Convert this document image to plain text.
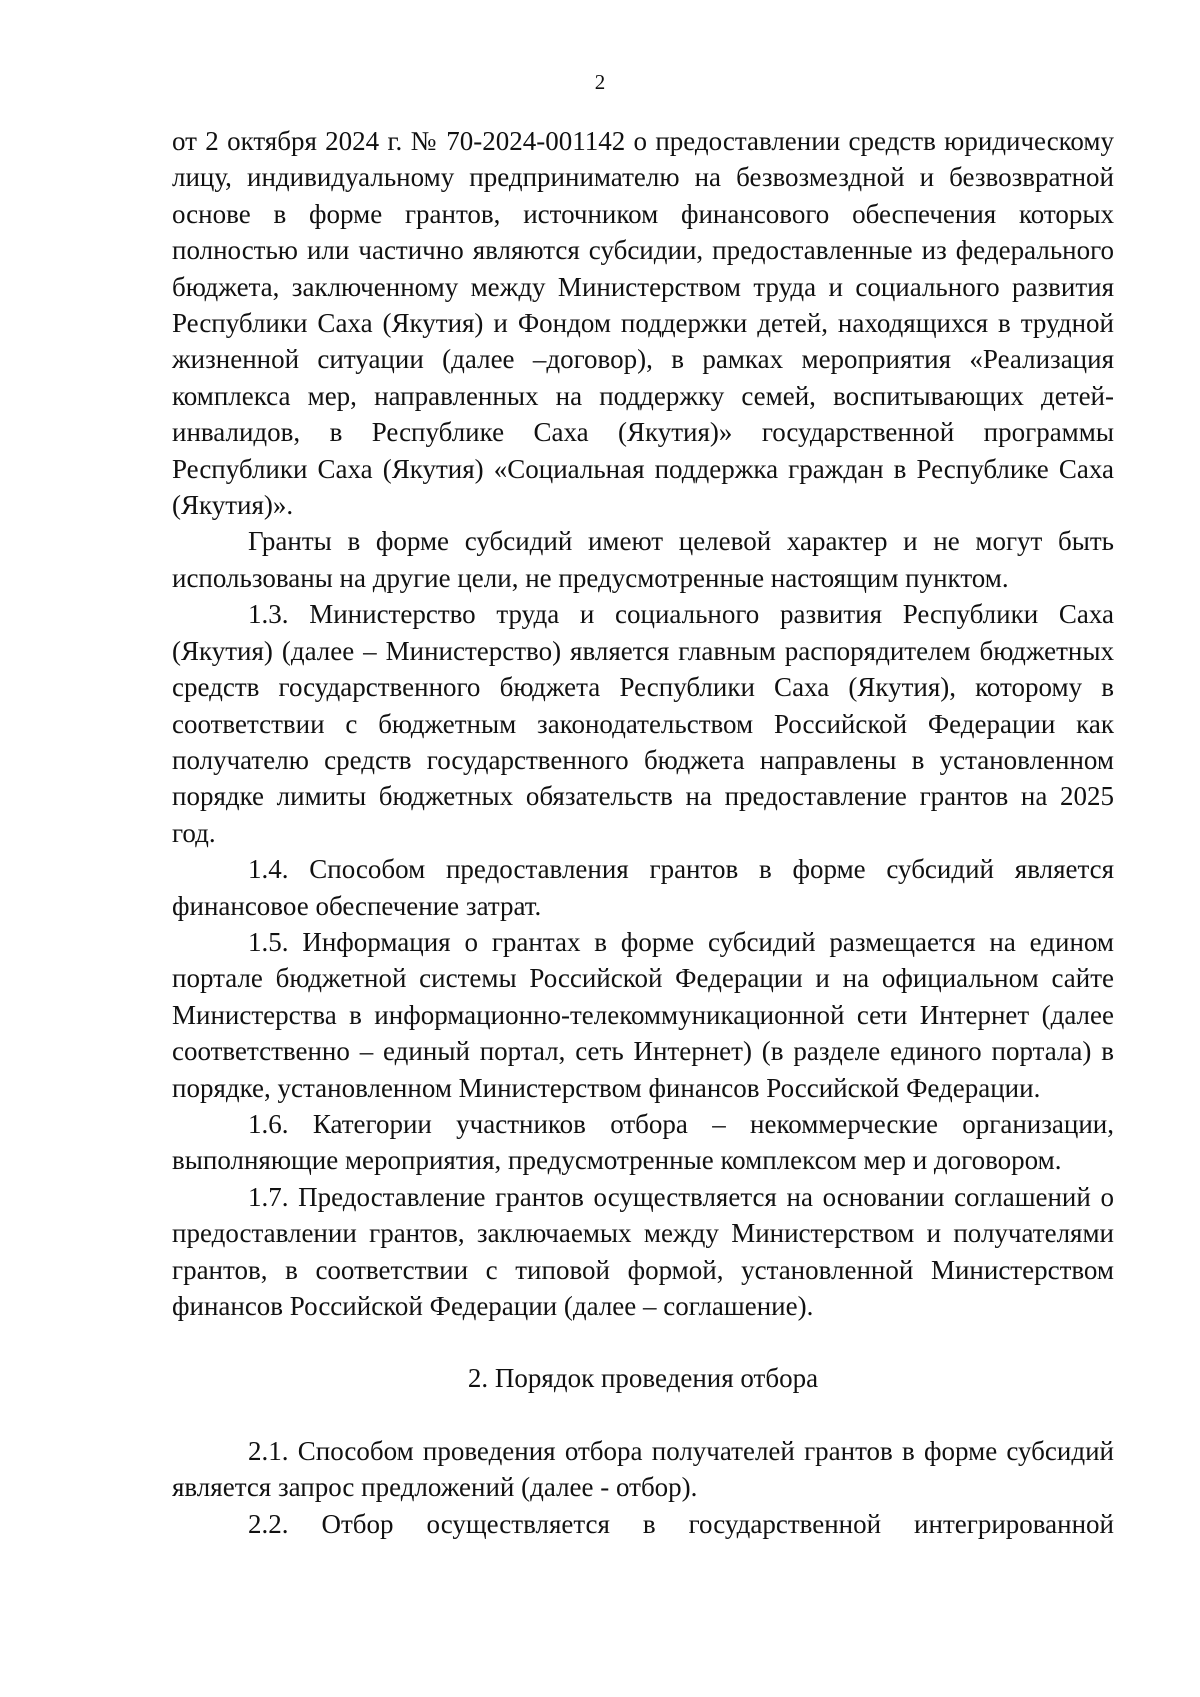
2

от 2 октября 2024 г. № 70-2024-001142 о предоставлении средств юридическому лицу, индивидуальному предпринимателю на безвозмездной и безвозвратной основе в форме грантов, источником финансового обеспечения которых полностью или частично являются субсидии, предоставленные из федерального бюджета, заключенному между Министерством труда и социального развития Республики Саха (Якутия) и Фондом поддержки детей, находящихся в трудной жизненной ситуации (далее –договор), в рамках мероприятия «Реализация комплекса мер, направленных на поддержку семей, воспитывающих детей-инвалидов, в Республике Саха (Якутия)» государственной программы Республики Саха (Якутия) «Социальная поддержка граждан в Республике Саха (Якутия)».

Гранты в форме субсидий имеют целевой характер и не могут быть использованы на другие цели, не предусмотренные настоящим пунктом.

1.3. Министерство труда и социального развития Республики Саха (Якутия) (далее – Министерство) является главным распорядителем бюджетных средств государственного бюджета Республики Саха (Якутия), которому в соответствии с бюджетным законодательством Российской Федерации как получателю средств государственного бюджета направлены в установленном порядке лимиты бюджетных обязательств на предоставление грантов на 2025 год.

1.4. Способом предоставления грантов в форме субсидий является финансовое обеспечение затрат.

1.5. Информация о грантах в форме субсидий размещается на едином портале бюджетной системы Российской Федерации и на официальном сайте Министерства в информационно-телекоммуникационной сети Интернет (далее соответственно – единый портал, сеть Интернет) (в разделе единого портала) в порядке, установленном Министерством финансов Российской Федерации.

1.6. Категории участников отбора – некоммерческие организации, выполняющие мероприятия, предусмотренные комплексом мер и договором.

1.7. Предоставление грантов осуществляется на основании соглашений о предоставлении грантов, заключаемых между Министерством и получателями грантов, в соответствии с типовой формой, установленной Министерством финансов Российской Федерации (далее – соглашение).

2. Порядок проведения отбора

2.1. Способом проведения отбора получателей грантов в форме субсидий является запрос предложений (далее - отбор).

2.2. Отбор осуществляется в государственной интегрированной
